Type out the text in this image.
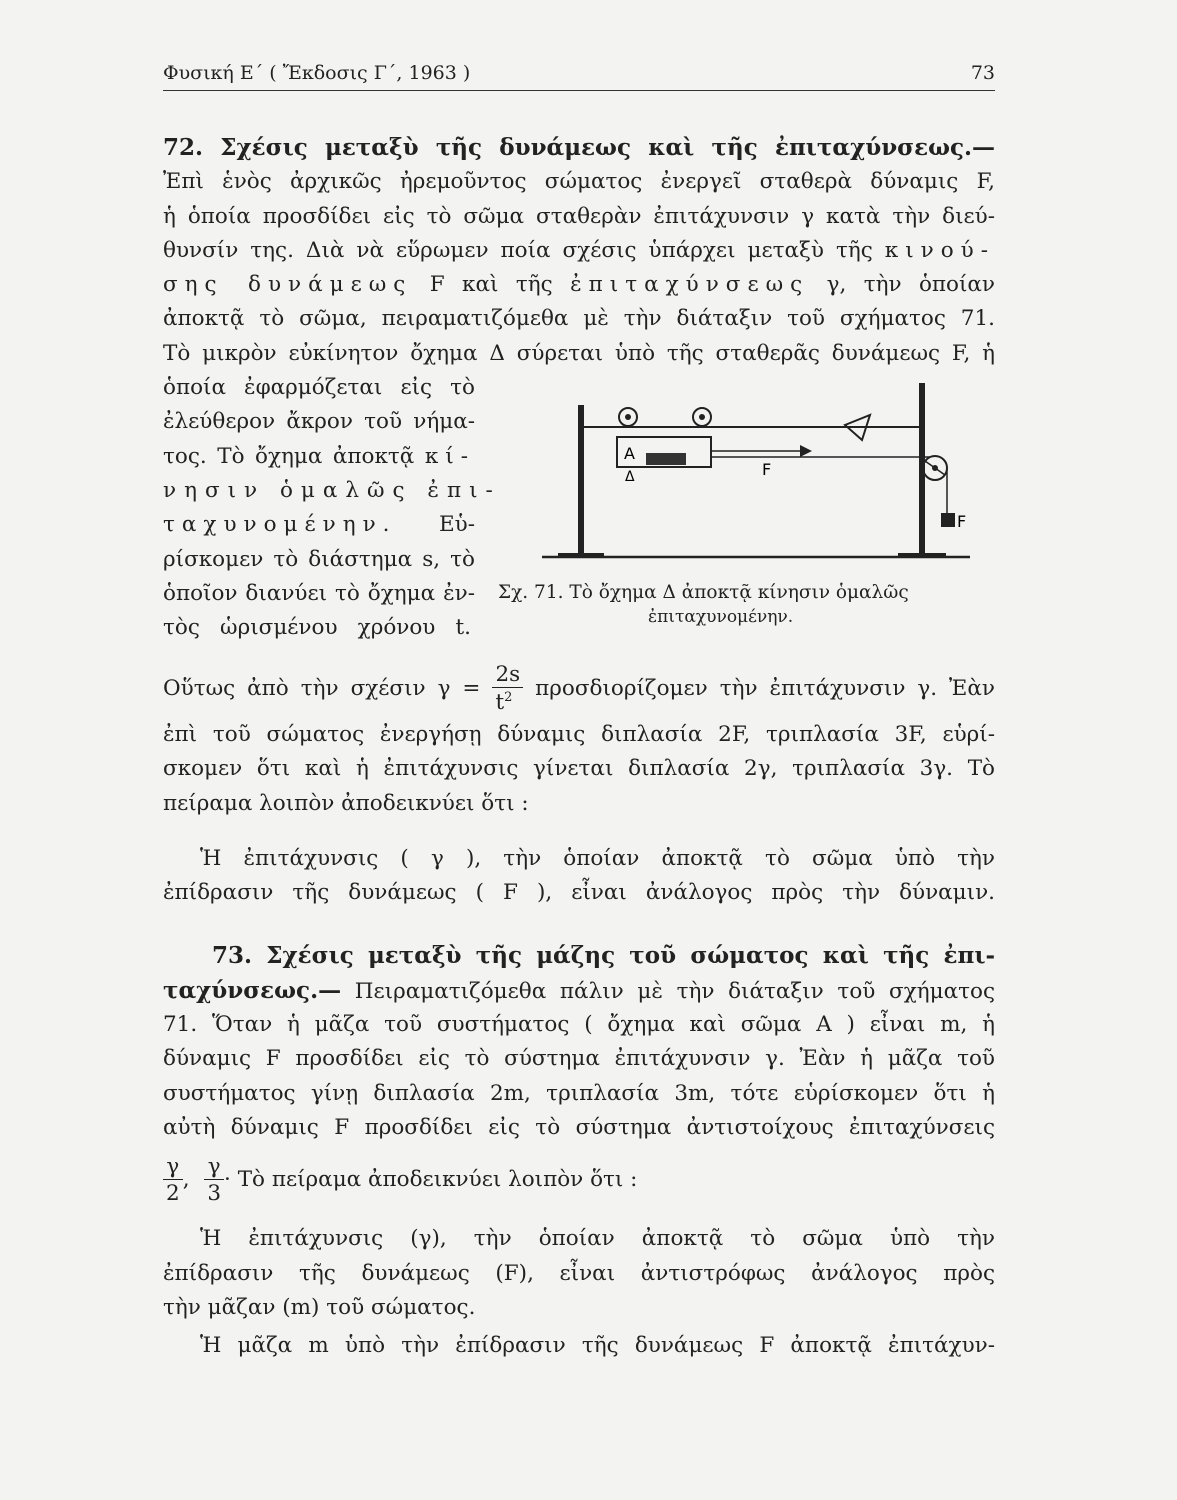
Φυσική Ε΄ ( Ἔκδοσις Γ΄, 1963 )	73
72. Σχέσις μεταξὺ τῆς δυνάμεως καὶ τῆς ἐπιταχύνσεως.—
Ἐπὶ ἑνὸς ἀρχικῶς ἠρεμοῦντος σώματος ἐνεργεῖ σταθερὰ δύναμις F,
ἡ ὁποία προσδίδει εἰς τὸ σῶμα σταθερὰν ἐπιτάχυνσιν γ κατὰ τὴν διεύ-
θυνσίν της. Διὰ νὰ εὕρωμεν ποία σχέσις ὑπάρχει μεταξὺ τῆς κινού-
σης δυνάμεως F καὶ τῆς ἐπιταχύνσεως γ, τὴν ὁποίαν
ἀποκτᾷ τὸ σῶμα, πειραματιζόμεθα μὲ τὴν διάταξιν τοῦ σχήματος 71.
Τὸ μικρὸν εὐκίνητον ὄχημα Δ σύρεται ὑπὸ τῆς σταθερᾶς δυνάμεως F, ἡ
ὁποία ἐφαρμόζεται εἰς τὸ
ἐλεύθερον ἄκρον τοῦ νήμα-
τος. Τὸ ὄχημα ἀποκτᾷ κί-
νησιν ὁμαλῶς ἐπι-
ταχυνομένην. Εὑ-
ρίσκομεν τὸ διάστημα s, τὸ
ὁποῖον διανύει τὸ ὄχημα ἐν-
τὸς ὡρισμένου χρόνου t.
A
Δ	F
F
Σχ. 71. Τὸ ὄχημα Δ ἀποκτᾷ κίνησιν ὁμαλῶς
ἐπιταχυνομένην.
Οὕτως ἀπὸ τὴν σχέσιν $\gamma = \frac{2s}{t^2}$ προσδιορίζομεν τὴν ἐπιτάχυνσιν γ. Ἐὰν
ἐπὶ τοῦ σώματος ἐνεργήσῃ δύναμις διπλασία 2F, τριπλασία 3F, εὑρί-
σκομεν ὅτι καὶ ἡ ἐπιτάχυνσις γίνεται διπλασία 2γ, τριπλασία 3γ. Τὸ
πείραμα λοιπὸν ἀποδεικνύει ὅτι :
Ἡ ἐπιτάχυνσις ( γ ), τὴν ὁποίαν ἀποκτᾷ τὸ σῶμα ὑπὸ τὴν
ἐπίδρασιν τῆς δυνάμεως ( F ), εἶναι ἀνάλογος πρὸς τὴν δύναμιν.
73. Σχέσις μεταξὺ τῆς μάζης τοῦ σώματος καὶ τῆς ἐπι-
ταχύνσεως.— Πειραματιζόμεθα πάλιν μὲ τὴν διάταξιν τοῦ σχήματος
71. Ὅταν ἡ μᾶζα τοῦ συστήματος ( ὄχημα καὶ σῶμα Α ) εἶναι m, ἡ
δύναμις F προσδίδει εἰς τὸ σύστημα ἐπιτάχυνσιν γ. Ἐὰν ἡ μᾶζα τοῦ
συστήματος γίνῃ διπλασία 2m, τριπλασία 3m, τότε εὑρίσκομεν ὅτι ἡ
αὐτὴ δύναμις F προσδίδει εἰς τὸ σύστημα ἀντιστοίχους ἐπιταχύνσεις
$\frac{\gamma}{2}$ , $\frac{\gamma}{3}$ · Τὸ πείραμα ἀποδεικνύει λοιπὸν ὅτι :
Ἡ ἐπιτάχυνσις (γ), τὴν ὁποίαν ἀποκτᾷ τὸ σῶμα ὑπὸ τὴν
ἐπίδρασιν τῆς δυνάμεως (F), εἶναι ἀντιστρόφως ἀνάλογος πρὸς
τὴν μᾶζαν (m) τοῦ σώματος.
Ἡ μᾶζα m ὑπὸ τὴν ἐπίδρασιν τῆς δυνάμεως F ἀποκτᾷ ἐπιτάχυν-
